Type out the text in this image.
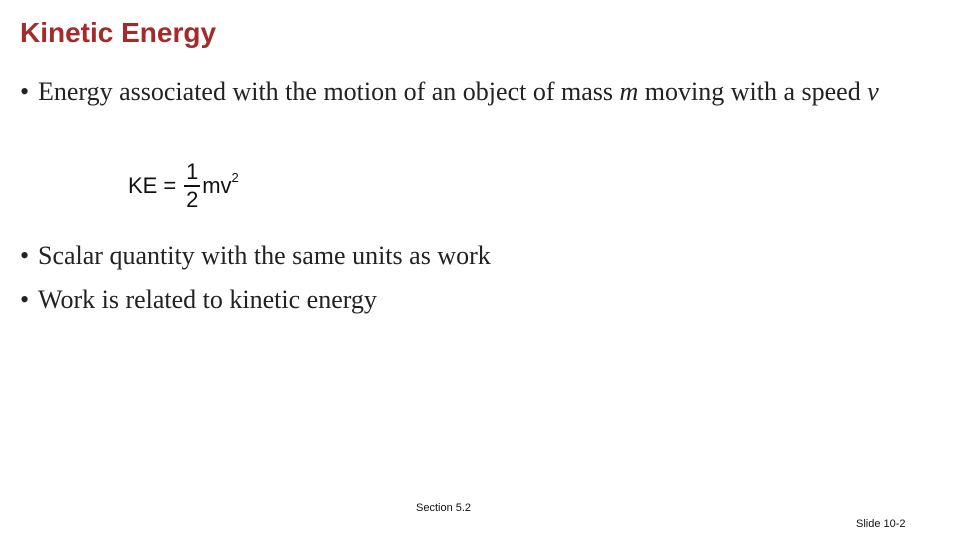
Kinetic Energy
• Energy associated with the motion of an object of mass m moving with a speed v
KE = $\frac{1}{2}$ mv 2
• Scalar quantity with the same units as work
• Work is related to kinetic energy
Section 5.2
Slide 10-2
